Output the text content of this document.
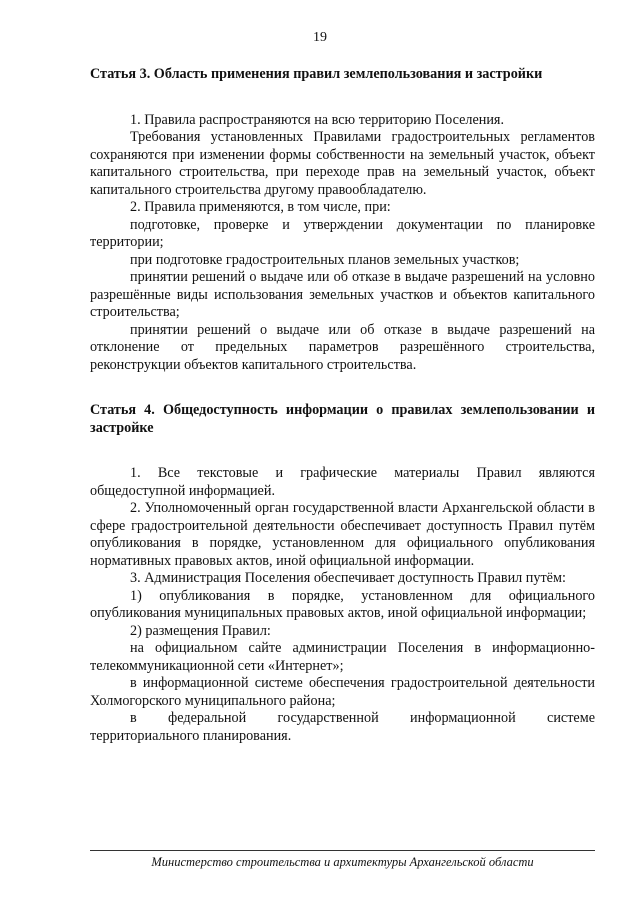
19

Статья 3. Область применения правил землепользования и застройки

1. Правила распространяются на всю территорию Поселения.

Требования установленных Правилами градостроительных регламентов сохраняются при изменении формы собственности на земельный участок, объект капитального строительства, при переходе прав на земельный участок, объект капитального строительства другому правообладателю.

2. Правила применяются, в том числе, при:

подготовке, проверке и утверждении документации по планировке территории;

при подготовке градостроительных планов земельных участков;

принятии решений о выдаче или об отказе в выдаче разрешений на условно разрешённые виды использования земельных участков и объектов капитального строительства;

принятии решений о выдаче или об отказе в выдаче разрешений на отклонение от предельных параметров разрешённого строительства, реконструкции объектов капитального строительства.

Статья 4. Общедоступность информации о правилах землепользовании и застройке

1. Все текстовые и графические материалы Правил являются общедоступной информацией.

2. Уполномоченный орган государственной власти Архангельской области в сфере градостроительной деятельности обеспечивает доступность Правил путём опубликования в порядке, установленном для официального опубликования нормативных правовых актов, иной официальной информации.

3. Администрация Поселения обеспечивает доступность Правил путём:

1) опубликования в порядке, установленном для официального опубликования муниципальных правовых актов, иной официальной информации;

2) размещения Правил:

на официальном сайте администрации Поселения в информационно-телекоммуникационной сети «Интернет»;

в информационной системе обеспечения градостроительной деятельности Холмогорского муниципального района;

в федеральной государственной информационной системе территориального планирования.

Министерство строительства и архитектуры Архангельской области
